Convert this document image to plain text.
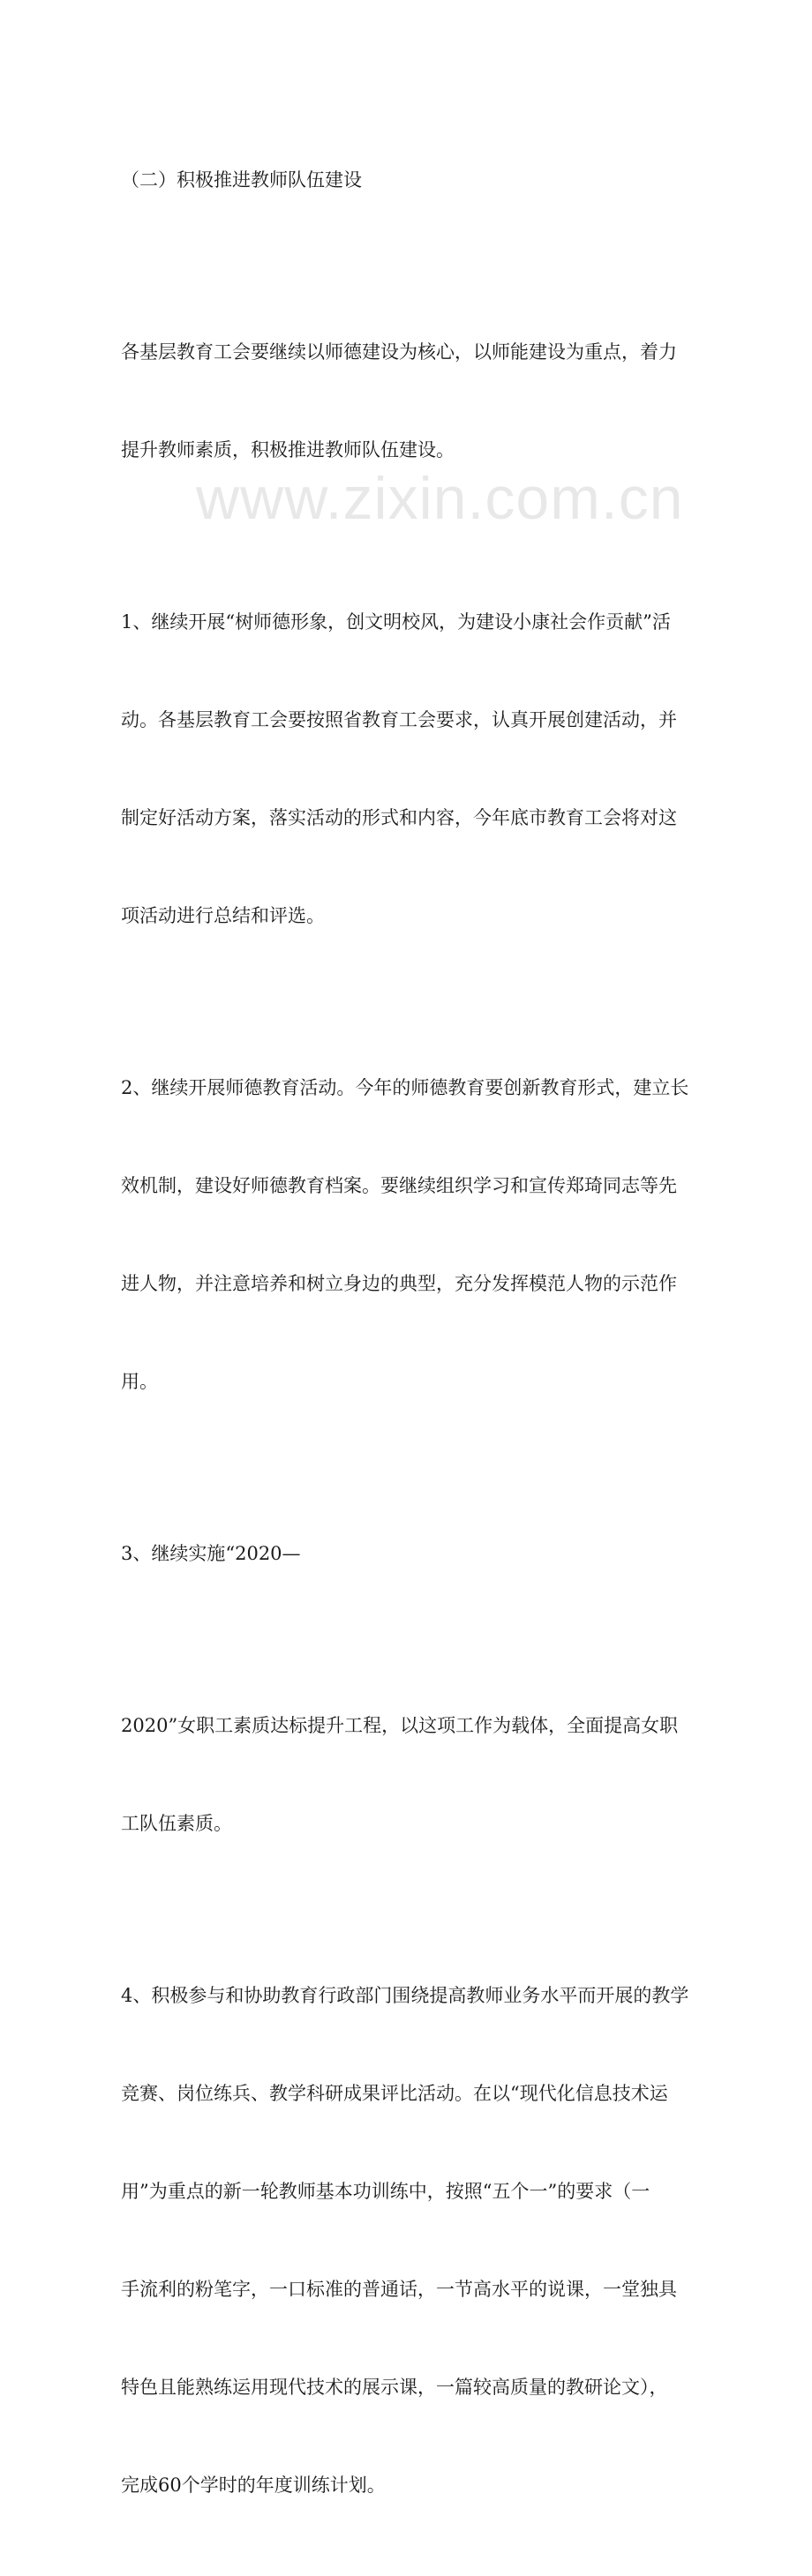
（二）积极推进教师队伍建设

各基层教育工会要继续以师德建设为核心，以师能建设为重点，着力

提升教师素质，积极推进教师队伍建设。

1、继续开展“树师德形象，创文明校风，为建设小康社会作贡献”活

动。各基层教育工会要按照省教育工会要求，认真开展创建活动，并

制定好活动方案，落实活动的形式和内容，今年底市教育工会将对这

项活动进行总结和评选。

2、继续开展师德教育活动。今年的师德教育要创新教育形式，建立长

效机制，建设好师德教育档案。要继续组织学习和宣传郑琦同志等先

进人物，并注意培养和树立身边的典型，充分发挥模范人物的示范作

用。

3、继续实施“2020—

2020”女职工素质达标提升工程，以这项工作为载体，全面提高女职

工队伍素质。

4、积极参与和协助教育行政部门围绕提高教师业务水平而开展的教学

竞赛、岗位练兵、教学科研成果评比活动。在以“现代化信息技术运

用”为重点的新一轮教师基本功训练中，按照“五个一”的要求（一

手流利的粉笔字，一口标准的普通话，一节高水平的说课，一堂独具

特色且能熟练运用现代技术的展示课，一篇较高质量的教研论文），

完成60个学时的年度训练计划。

www.zixin.com.cn
